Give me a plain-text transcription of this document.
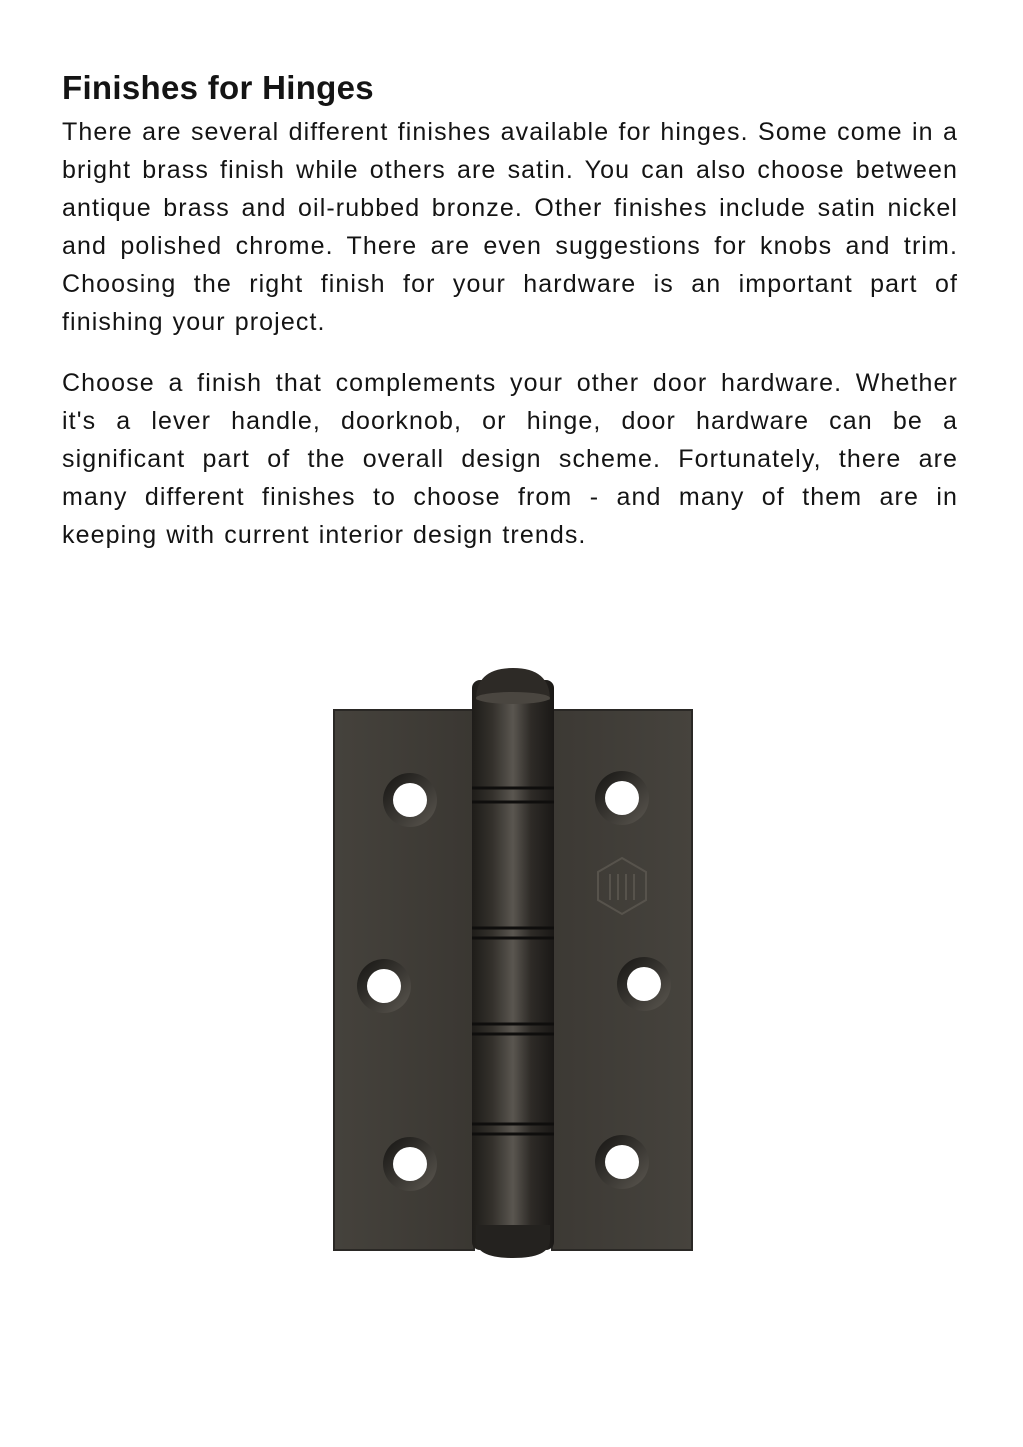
Finishes for Hinges

There are several different finishes available for hinges. Some come in a bright brass finish while others are satin. You can also choose between antique brass and oil-rubbed bronze. Other finishes include satin nickel and polished chrome. There are even suggestions for knobs and trim. Choosing the right finish for your hardware is an important part of finishing your project.

Choose a finish that complements your other door hardware. Whether it's a lever handle, doorknob, or hinge, door hardware can be a significant part of the overall design scheme. Fortunately, there are many different finishes to choose from - and many of them are in keeping with current interior design trends.
